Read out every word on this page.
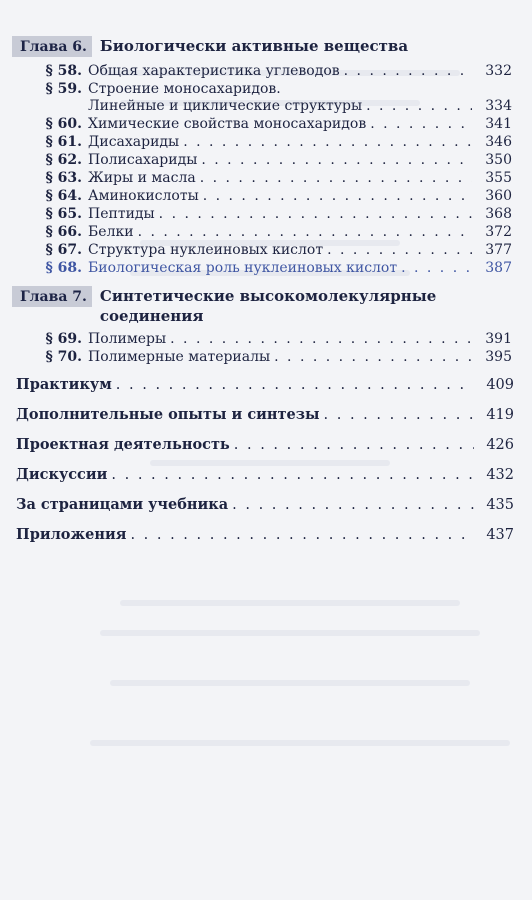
Глава 6. Биологически активные вещества
§ 58. Общая характеристика углеводов . . .	332
§ 59. Строение моносахаридов.
Линейные и циклические структуры . . .	334
§ 60. Химические свойства моносахаридов . . .	341
§ 61. Дисахариды . . .	346
§ 62. Полисахариды . . .	350
§ 63. Жиры и масла . . .	355
§ 64. Аминокислоты . . .	360
§ 65. Пептиды . . .	368
§ 66. Белки . . .	372
§ 67. Структура нуклеиновых кислот . . .	377
§ 68. Биологическая роль нуклеиновых кислот . . .	387
Глава 7. Синтетические высокомолекулярные
соединения
§ 69. Полимеры . . .	391
§ 70. Полимерные материалы . . .	395
Практикум . . .	409
Дополнительные опыты и синтезы . . .	419
Проектная деятельность . . .	426
Дискуссии . . .	432
За страницами учебника . . .	435
Приложения . . .	437
